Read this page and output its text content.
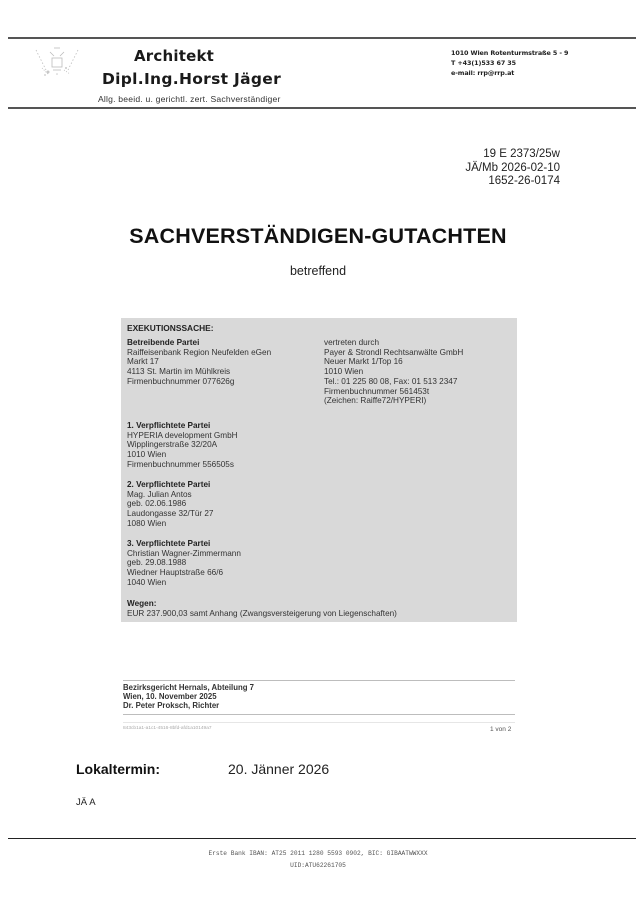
Architekt
Dipl.Ing.Horst Jäger
Allg. beeid. u. gerichtl. zert. Sachverständiger
1010 Wien Rotenturmstraße 5 - 9
T +43(1)533 67 35
e-mail: rrp@rrp.at
19 E 2373/25w
JÄ/Mb 2026-02-10
1652-26-0174
SACHVERSTÄNDIGEN-GUTACHTEN
betreffend
EXEKUTIONSSACHE:
Betreibende Partei
Raiffeisenbank Region Neufelden eGen
Markt 17
4113 St. Martin im Mühlkreis
Firmenbuchnummer 077626g
vertreten durch
Payer & Strondl Rechtsanwälte GmbH
Neuer Markt 1/Top 16
1010 Wien
Tel.: 01 225 80 08, Fax: 01 513 2347
Firmenbuchnummer 561453t
(Zeichen: Raiffe72/HYPERI)
1. Verpflichtete Partei
HYPERIA development GmbH
Wipplingerstraße 32/20A
1010 Wien
Firmenbuchnummer 556505s
2. Verpflichtete Partei
Mag. Julian Antos
geb. 02.06.1986
Laudongasse 32/Tür 27
1080 Wien
3. Verpflichtete Partei
Christian Wagner-Zimmermann
geb. 29.08.1988
Wiedner Hauptstraße 66/6
1040 Wien
Wegen:
EUR 237.900,03 samt Anhang (Zwangsversteigerung von Liegenschaften)
Bezirksgericht Hernals, Abteilung 7
Wien, 10. November 2025
Dr. Peter Proksch, Richter
843cb1a1-a1c1-4516-8bfd-afd1a10149a7	1 von 2
Lokaltermin:	20. Jänner 2026
JÄ A
Erste Bank IBAN: AT25 2011 1280 5593 0902, BIC: GIBAATWWXXX
UID:ATU62261705
